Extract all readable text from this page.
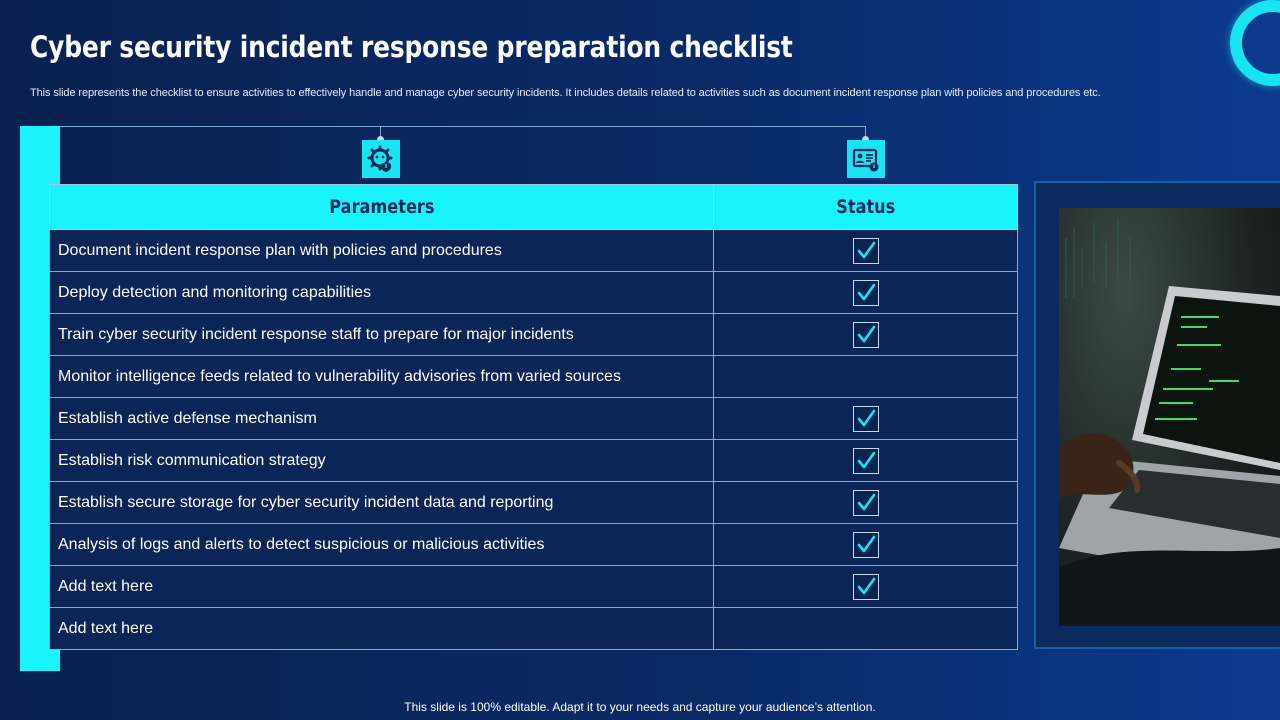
Cyber security incident response preparation checklist
This slide represents the checklist to ensure activities to effectively handle and manage cyber security incidents. It includes details related to activities such as document incident response plan with policies and procedures etc.
Parameters	Status
Document incident response plan with policies and procedures	
Deploy detection and monitoring capabilities	
Train cyber security incident response staff to prepare for major incidents	
Monitor intelligence feeds related to vulnerability advisories from varied sources	
Establish active defense mechanism	
Establish risk communication strategy	
Establish secure storage for cyber security incident data and reporting	
Analysis of logs and alerts to detect suspicious or malicious activities	
Add text here	
Add text here	
This slide is 100% editable. Adapt it to your needs and capture your audience’s attention.
